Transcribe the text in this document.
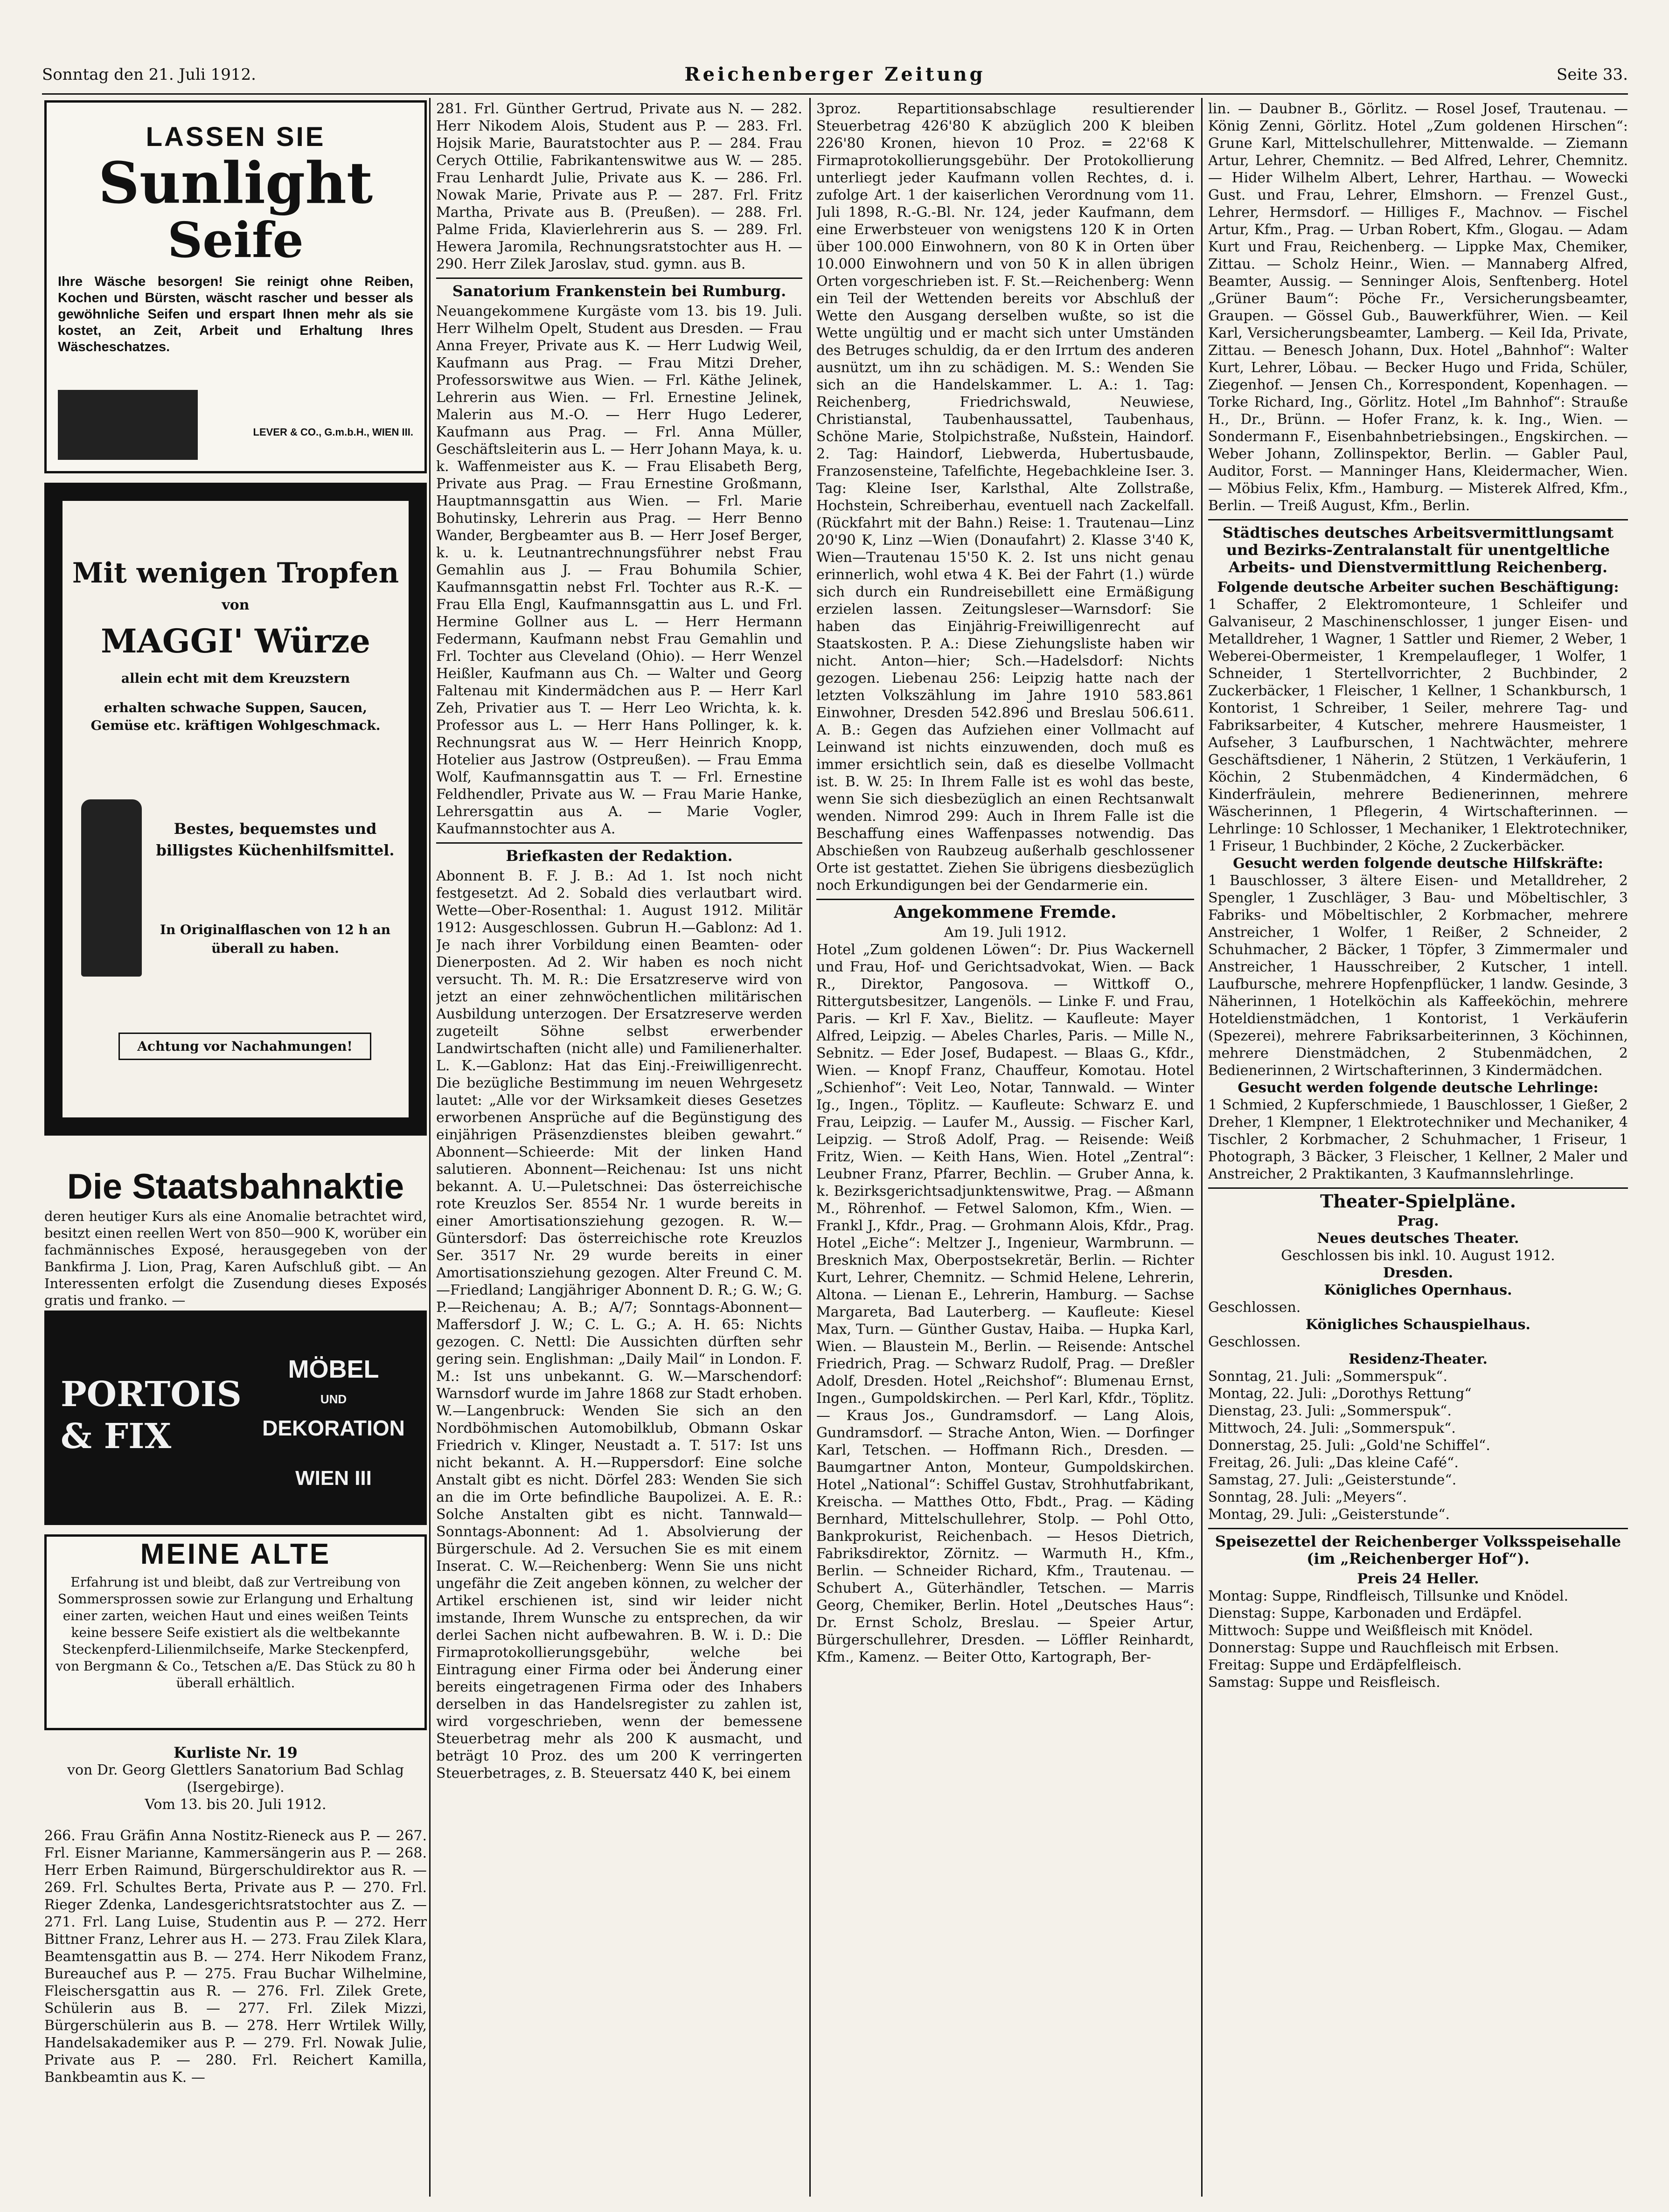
Sonntag den 21. Juli 1912.	Reichenberger Zeitung	Seite 33.
LASSEN SIE
Sunlight
Seife
Ihre Wäsche besorgen! Sie reinigt ohne Reiben, Kochen und Bürsten, wäscht rascher und besser als gewöhnliche Seifen und erspart Ihnen mehr als sie kostet, an Zeit, Arbeit und Erhaltung Ihres Wäscheschatzes.
LEVER & CO., G.m.b.H., WIEN III.
Mit wenigen Tropfen
von
MAGGI' Würze
allein echt mit dem Kreuzstern
erhalten schwache Suppen, Saucen, Gemüse etc. kräftigen Wohlgeschmack.
Bestes, bequemstes und billigstes Küchenhilfsmittel.
In Originalflaschen von 12 h an überall zu haben.
Achtung vor Nachahmungen!
Die Staatsbahnaktie
deren heutiger Kurs als eine Anomalie betrachtet wird, besitzt einen reellen Wert von 850—900 K, worüber ein fachmännisches Exposé, herausgegeben von der Bankfirma J. Lion, Prag, Karen Aufschluß gibt. — An Interessenten erfolgt die Zusendung dieses Exposés gratis und franko. —
PORTOIS & FIX
MÖBEL
UND
DEKORATION
WIEN III
MEINE ALTE
Erfahrung ist und bleibt, daß zur Vertreibung von Sommersprossen sowie zur Erlangung und Erhaltung einer zarten, weichen Haut und eines weißen Teints keine bessere Seife existiert als die weltbekannte Steckenpferd-Lilienmilchseife, Marke Steckenpferd, von Bergmann & Co., Tetschen a/E. Das Stück zu 80 h überall erhältlich.
Kurliste Nr. 19
von Dr. Georg Glettlers Sanatorium Bad Schlag (Isergebirge).
Vom 13. bis 20. Juli 1912.

266. Frau Gräfin Anna Nostitz-Rieneck aus P. — 267. Frl. Eisner Marianne, Kammersängerin aus P. — 268. Herr Erben Raimund, Bürgerschuldirektor aus R. — 269. Frl. Schultes Berta, Private aus P. — 270. Frl. Rieger Zdenka, Landesgerichtsratstochter aus Z. — 271. Frl. Lang Luise, Studentin aus P. — 272. Herr Bittner Franz, Lehrer aus H. — 273. Frau Zilek Klara, Beamtensgattin aus B. — 274. Herr Nikodem Franz, Bureauchef aus P. — 275. Frau Buchar Wilhelmine, Fleischersgattin aus R. — 276. Frl. Zilek Grete, Schülerin aus B. — 277. Frl. Zilek Mizzi, Bürgerschülerin aus B. — 278. Herr Wrtilek Willy, Handelsakademiker aus P. — 279. Frl. Nowak Julie, Private aus P. — 280. Frl. Reichert Kamilla, Bankbeamtin aus K. —

281. Frl. Günther Gertrud, Private aus N. — 282. Herr Nikodem Alois, Student aus P. — 283. Frl. Hojsik Marie, Bauratstochter aus P. — 284. Frau Cerych Ottilie, Fabrikantenswitwe aus W. — 285. Frau Lenhardt Julie, Private aus K. — 286. Frl. Nowak Marie, Private aus P. — 287. Frl. Fritz Martha, Private aus B. (Preußen). — 288. Frl. Palme Frida, Klavierlehrerin aus S. — 289. Frl. Hewera Jaromila, Rechnungsratstochter aus H. — 290. Herr Zilek Jaroslav, stud. gymn. aus B.

Sanatorium Frankenstein bei Rumburg.

Neuangekommene Kurgäste vom 13. bis 19. Juli. Herr Wilhelm Opelt, Student aus Dresden. — Frau Anna Freyer, Private aus K. — Herr Ludwig Weil, Kaufmann aus Prag. — Frau Mitzi Dreher, Professorswitwe aus Wien. — Frl. Käthe Jelinek, Lehrerin aus Wien. — Frl. Ernestine Jelinek, Malerin aus M.-O. — Herr Hugo Lederer, Kaufmann aus Prag. — Frl. Anna Müller, Geschäftsleiterin aus L. — Herr Johann Maya, k. u. k. Waffenmeister aus K. — Frau Elisabeth Berg, Private aus Prag. — Frau Ernestine Großmann, Hauptmannsgattin aus Wien. — Frl. Marie Bohutinsky, Lehrerin aus Prag. — Herr Benno Wander, Bergbeamter aus B. — Herr Josef Berger, k. u. k. Leutnantrechnungsführer nebst Frau Gemahlin aus J. — Frau Bohumila Schier, Kaufmannsgattin nebst Frl. Tochter aus R.-K. — Frau Ella Engl, Kaufmannsgattin aus L. und Frl. Hermine Gollner aus L. — Herr Hermann Federmann, Kaufmann nebst Frau Gemahlin und Frl. Tochter aus Cleveland (Ohio). — Herr Wenzel Heißler, Kaufmann aus Ch. — Walter und Georg Faltenau mit Kindermädchen aus P. — Herr Karl Zeh, Privatier aus T. — Herr Leo Wrichta, k. k. Professor aus L. — Herr Hans Pollinger, k. k. Rechnungsrat aus W. — Herr Heinrich Knopp, Hotelier aus Jastrow (Ostpreußen). — Frau Emma Wolf, Kaufmannsgattin aus T. — Frl. Ernestine Feldhendler, Private aus W. — Frau Marie Hanke, Lehrersgattin aus A. — Marie Vogler, Kaufmannstochter aus A.

Briefkasten der Redaktion.

Abonnent B. F. J. B.: Ad 1. Ist noch nicht festgesetzt. Ad 2. Sobald dies verlautbart wird. Wette—Ober-Rosenthal: 1. August 1912. Militär 1912: Ausgeschlossen. Gubrun H.—Gablonz: Ad 1. Je nach ihrer Vorbildung einen Beamten- oder Dienerposten. Ad 2. Wir haben es noch nicht versucht. Th. M. R.: Die Ersatzreserve wird von jetzt an einer zehnwöchentlichen militärischen Ausbildung unterzogen. Der Ersatzreserve werden zugeteilt Söhne selbst erwerbender Landwirtschaften (nicht alle) und Familienerhalter. L. K.—Gablonz: Hat das Einj.-Freiwilligenrecht. Die bezügliche Bestimmung im neuen Wehrgesetz lautet: „Alle vor der Wirksamkeit dieses Gesetzes erworbenen Ansprüche auf die Begünstigung des einjährigen Präsenzdienstes bleiben gewahrt.“ Abonnent—Schieerde: Mit der linken Hand salutieren. Abonnent—Reichenau: Ist uns nicht bekannt. A. U.—Puletschnei: Das österreichische rote Kreuzlos Ser. 8554 Nr. 1 wurde bereits in einer Amortisationsziehung gezogen. R. W.—Güntersdorf: Das österreichische rote Kreuzlos Ser. 3517 Nr. 29 wurde bereits in einer Amortisationsziehung gezogen. Alter Freund C. M.—Friedland; Langjähriger Abonnent D. R.; G. W.; G. P.—Reichenau; A. B.; A/7; Sonntags-Abonnent—Maffersdorf J. W.; C. L. G.; A. H. 65: Nichts gezogen. C. Nettl: Die Aussichten dürften sehr gering sein. Englishman: „Daily Mail“ in London. F. M.: Ist uns unbekannt. G. W.—Marschendorf: Warnsdorf wurde im Jahre 1868 zur Stadt erhoben. W.—Langenbruck: Wenden Sie sich an den Nordböhmischen Automobilklub, Obmann Oskar Friedrich v. Klinger, Neustadt a. T. 517: Ist uns nicht bekannt. A. H.—Ruppersdorf: Eine solche Anstalt gibt es nicht. Dörfel 283: Wenden Sie sich an die im Orte befindliche Baupolizei. A. E. R.: Solche Anstalten gibt es nicht. Tannwald—Sonntags-Abonnent: Ad 1. Absolvierung der Bürgerschule. Ad 2. Versuchen Sie es mit einem Inserat. C. W.—Reichenberg: Wenn Sie uns nicht ungefähr die Zeit angeben können, zu welcher der Artikel erschienen ist, sind wir leider nicht imstande, Ihrem Wunsche zu entsprechen, da wir derlei Sachen nicht aufbewahren. B. W. i. D.: Die Firmaprotokollierungsgebühr, welche bei Eintragung einer Firma oder bei Änderung einer bereits eingetragenen Firma oder des Inhabers derselben in das Handelsregister zu zahlen ist, wird vorgeschrieben, wenn der bemessene Steuerbetrag mehr als 200 K ausmacht, und beträgt 10 Proz. des um 200 K verringerten Steuerbetrages, z. B. Steuersatz 440 K, bei einem

3proz. Repartitionsabschlage resultierender Steuerbetrag 426'80 K abzüglich 200 K bleiben 226'80 Kronen, hievon 10 Proz. = 22'68 K Firmaprotokollierungsgebühr. Der Protokollierung unterliegt jeder Kaufmann vollen Rechtes, d. i. zufolge Art. 1 der kaiserlichen Verordnung vom 11. Juli 1898, R.-G.-Bl. Nr. 124, jeder Kaufmann, dem eine Erwerbsteuer von wenigstens 120 K in Orten über 100.000 Einwohnern, von 80 K in Orten über 10.000 Einwohnern und von 50 K in allen übrigen Orten vorgeschrieben ist. F. St.—Reichenberg: Wenn ein Teil der Wettenden bereits vor Abschluß der Wette den Ausgang derselben wußte, so ist die Wette ungültig und er macht sich unter Umständen des Betruges schuldig, da er den Irrtum des anderen ausnützt, um ihn zu schädigen. M. S.: Wenden Sie sich an die Handelskammer. L. A.: 1. Tag: Reichenberg, Friedrichswald, Neuwiese, Christianstal, Taubenhaussattel, Taubenhaus, Schöne Marie, Stolpichstraße, Nußstein, Haindorf. 2. Tag: Haindorf, Liebwerda, Hubertusbaude, Franzosensteine, Tafelfichte, Hegebachkleine Iser. 3. Tag: Kleine Iser, Karlsthal, Alte Zollstraße, Hochstein, Schreiberhau, eventuell nach Zackelfall. (Rückfahrt mit der Bahn.) Reise: 1. Trautenau—Linz 20'90 K, Linz —Wien (Donaufahrt) 2. Klasse 3'40 K, Wien—Trautenau 15'50 K. 2. Ist uns nicht genau erinnerlich, wohl etwa 4 K. Bei der Fahrt (1.) würde sich durch ein Rundreisebillett eine Ermäßigung erzielen lassen. Zeitungsleser—Warnsdorf: Sie haben das Einjährig-Freiwilligenrecht auf Staatskosten. P. A.: Diese Ziehungsliste haben wir nicht. Anton—hier; Sch.—Hadelsdorf: Nichts gezogen. Liebenau 256: Leipzig hatte nach der letzten Volkszählung im Jahre 1910 583.861 Einwohner, Dresden 542.896 und Breslau 506.611. A. B.: Gegen das Aufziehen einer Vollmacht auf Leinwand ist nichts einzuwenden, doch muß es immer ersichtlich sein, daß es dieselbe Vollmacht ist. B. W. 25: In Ihrem Falle ist es wohl das beste, wenn Sie sich diesbezüglich an einen Rechtsanwalt wenden. Nimrod 299: Auch in Ihrem Falle ist die Beschaffung eines Waffenpasses notwendig. Das Abschießen von Raubzeug außerhalb geschlossener Orte ist gestattet. Ziehen Sie übrigens diesbezüglich noch Erkundigungen bei der Gendarmerie ein.

Angekommene Fremde.
Am 19. Juli 1912.

Hotel „Zum goldenen Löwen“: Dr. Pius Wackernell und Frau, Hof- und Gerichtsadvokat, Wien. — Back R., Direktor, Pangosova. — Wittkoff O., Rittergutsbesitzer, Langenöls. — Linke F. und Frau, Paris. — Krl F. Xav., Bielitz. — Kaufleute: Mayer Alfred, Leipzig. — Abeles Charles, Paris. — Mille N., Sebnitz. — Eder Josef, Budapest. — Blaas G., Kfdr., Wien. — Knopf Franz, Chauffeur, Komotau. Hotel „Schienhof“: Veit Leo, Notar, Tannwald. — Winter Ig., Ingen., Töplitz. — Kaufleute: Schwarz E. und Frau, Leipzig. — Laufer M., Aussig. — Fischer Karl, Leipzig. — Stroß Adolf, Prag. — Reisende: Weiß Fritz, Wien. — Keith Hans, Wien. Hotel „Zentral“: Leubner Franz, Pfarrer, Bechlin. — Gruber Anna, k. k. Bezirksgerichtsadjunktenswitwe, Prag. — Aßmann M., Röhrenhof. — Fetwel Salomon, Kfm., Wien. — Frankl J., Kfdr., Prag. — Grohmann Alois, Kfdr., Prag. Hotel „Eiche“: Meltzer J., Ingenieur, Warmbrunn. — Bresknich Max, Oberpostsekretär, Berlin. — Richter Kurt, Lehrer, Chemnitz. — Schmid Helene, Lehrerin, Altona. — Lienan E., Lehrerin, Hamburg. — Sachse Margareta, Bad Lauterberg. — Kaufleute: Kiesel Max, Turn. — Günther Gustav, Haiba. — Hupka Karl, Wien. — Blaustein M., Berlin. — Reisende: Antschel Friedrich, Prag. — Schwarz Rudolf, Prag. — Dreßler Adolf, Dresden. Hotel „Reichshof“: Blumenau Ernst, Ingen., Gumpoldskirchen. — Perl Karl, Kfdr., Töplitz. — Kraus Jos., Gundramsdorf. — Lang Alois, Gundramsdorf. — Strache Anton, Wien. — Dorfinger Karl, Tetschen. — Hoffmann Rich., Dresden. — Baumgartner Anton, Monteur, Gumpoldskirchen. Hotel „National“: Schiffel Gustav, Strohhutfabrikant, Kreischa. — Matthes Otto, Fbdt., Prag. — Käding Bernhard, Mittelschullehrer, Stolp. — Pohl Otto, Bankprokurist, Reichenbach. — Hesos Dietrich, Fabriksdirektor, Zörnitz. — Warmuth H., Kfm., Berlin. — Schneider Richard, Kfm., Trautenau. — Schubert A., Güterhändler, Tetschen. — Marris Georg, Chemiker, Berlin. Hotel „Deutsches Haus“: Dr. Ernst Scholz, Breslau. — Speier Artur, Bürgerschullehrer, Dresden. — Löffler Reinhardt, Kfm., Kamenz. — Beiter Otto, Kartograph, Ber-

lin. — Daubner B., Görlitz. — Rosel Josef, Trautenau. — König Zenni, Görlitz. Hotel „Zum goldenen Hirschen“: Grune Karl, Mittelschullehrer, Mittenwalde. — Ziemann Artur, Lehrer, Chemnitz. — Bed Alfred, Lehrer, Chemnitz. — Hider Wilhelm Albert, Lehrer, Harthau. — Wowecki Gust. und Frau, Lehrer, Elmshorn. — Frenzel Gust., Lehrer, Hermsdorf. — Hilliges F., Machnov. — Fischel Artur, Kfm., Prag. — Urban Robert, Kfm., Glogau. — Adam Kurt und Frau, Reichenberg. — Lippke Max, Chemiker, Zittau. — Scholz Heinr., Wien. — Mannaberg Alfred, Beamter, Aussig. — Senninger Alois, Senftenberg. Hotel „Grüner Baum“: Pöche Fr., Versicherungsbeamter, Graupen. — Gössel Gub., Bauwerkführer, Wien. — Keil Karl, Versicherungsbeamter, Lamberg. — Keil Ida, Private, Zittau. — Benesch Johann, Dux. Hotel „Bahnhof“: Walter Kurt, Lehrer, Löbau. — Becker Hugo und Frida, Schüler, Ziegenhof. — Jensen Ch., Korrespondent, Kopenhagen. — Torke Richard, Ing., Görlitz. Hotel „Im Bahnhof“: Strauße H., Dr., Brünn. — Hofer Franz, k. k. Ing., Wien. — Sondermann F., Eisenbahnbetriebsingen., Engskirchen. — Weber Johann, Zollinspektor, Berlin. — Gabler Paul, Auditor, Forst. — Manninger Hans, Kleidermacher, Wien. — Möbius Felix, Kfm., Hamburg. — Misterek Alfred, Kfm., Berlin. — Treiß August, Kfm., Berlin.

Städtisches deutsches Arbeitsvermittlungsamt und Bezirks-Zentralanstalt für unentgeltliche Arbeits- und Dienstvermittlung Reichenberg.
Folgende deutsche Arbeiter suchen Beschäftigung:

1 Schaffer, 2 Elektromonteure, 1 Schleifer und Galvaniseur, 2 Maschinenschlosser, 1 junger Eisen- und Metalldreher, 1 Wagner, 1 Sattler und Riemer, 2 Weber, 1 Weberei-Obermeister, 1 Krempelaufleger, 1 Wolfer, 1 Schneider, 1 Stertellvorrichter, 2 Buchbinder, 2 Zuckerbäcker, 1 Fleischer, 1 Kellner, 1 Schankbursch, 1 Kontorist, 1 Schreiber, 1 Seiler, mehrere Tag- und Fabriksarbeiter, 4 Kutscher, mehrere Hausmeister, 1 Aufseher, 3 Laufburschen, 1 Nachtwächter, mehrere Geschäftsdiener, 1 Näherin, 2 Stützen, 1 Verkäuferin, 1 Köchin, 2 Stubenmädchen, 4 Kindermädchen, 6 Kinderfräulein, mehrere Bedienerinnen, mehrere Wäscherinnen, 1 Pflegerin, 4 Wirtschafterinnen. — Lehrlinge: 10 Schlosser, 1 Mechaniker, 1 Elektrotechniker, 1 Friseur, 1 Buchbinder, 2 Köche, 2 Zuckerbäcker.

Gesucht werden folgende deutsche Hilfskräfte:

1 Bauschlosser, 3 ältere Eisen- und Metalldreher, 2 Spengler, 1 Zuschläger, 3 Bau- und Möbeltischler, 3 Fabriks- und Möbeltischler, 2 Korbmacher, mehrere Anstreicher, 1 Wolfer, 1 Reißer, 2 Schneider, 2 Schuhmacher, 2 Bäcker, 1 Töpfer, 3 Zimmermaler und Anstreicher, 1 Hausschreiber, 2 Kutscher, 1 intell. Laufbursche, mehrere Hopfenpflücker, 1 landw. Gesinde, 3 Näherinnen, 1 Hotelköchin als Kaffeeköchin, mehrere Hoteldienstmädchen, 1 Kontorist, 1 Verkäuferin (Spezerei), mehrere Fabriksarbeiterinnen, 3 Köchinnen, mehrere Dienstmädchen, 2 Stubenmädchen, 2 Bedienerinnen, 2 Wirtschafterinnen, 3 Kindermädchen.

Gesucht werden folgende deutsche Lehrlinge:

1 Schmied, 2 Kupferschmiede, 1 Bauschlosser, 1 Gießer, 2 Dreher, 1 Klempner, 1 Elektrotechniker und Mechaniker, 4 Tischler, 2 Korbmacher, 2 Schuhmacher, 1 Friseur, 1 Photograph, 3 Bäcker, 3 Fleischer, 1 Kellner, 2 Maler und Anstreicher, 2 Praktikanten, 3 Kaufmannslehrlinge.

Theater-Spielpläne.
Prag.
Neues deutsches Theater.
Geschlossen bis inkl. 10. August 1912.
Dresden.
Königliches Opernhaus.
Geschlossen.
Königliches Schauspielhaus.
Geschlossen.
Residenz-Theater.
Sonntag, 21. Juli: „Sommerspuk“.
Montag, 22. Juli: „Dorothys Rettung“
Dienstag, 23. Juli: „Sommerspuk“.
Mittwoch, 24. Juli: „Sommerspuk“.
Donnerstag, 25. Juli: „Gold'ne Schiffel“.
Freitag, 26. Juli: „Das kleine Café“.
Samstag, 27. Juli: „Geisterstunde“.
Sonntag, 28. Juli: „Meyers“.
Montag, 29. Juli: „Geisterstunde“.
Speisezettel der Reichenberger Volksspeisehalle (im „Reichenberger Hof“).
Preis 24 Heller.
Montag: Suppe, Rindfleisch, Tillsunke und Knödel.
Dienstag: Suppe, Karbonaden und Erdäpfel.
Mittwoch: Suppe und Weißfleisch mit Knödel.
Donnerstag: Suppe und Rauchfleisch mit Erbsen.
Freitag: Suppe und Erdäpfelfleisch.
Samstag: Suppe und Reisfleisch.
